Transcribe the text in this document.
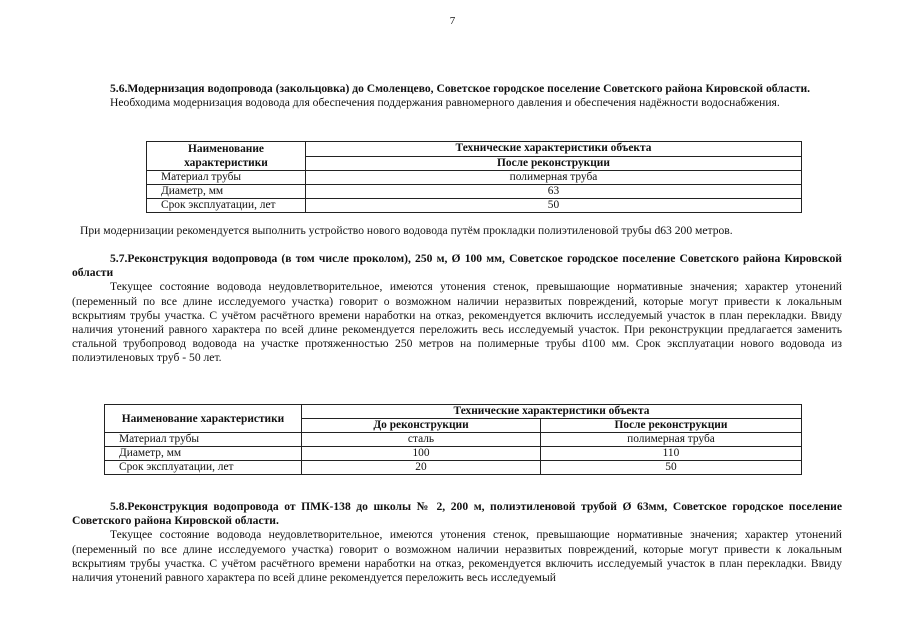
7

5.6.Модернизация водопровода (закольцовка) до Смоленцево, Советское городское поселение Советского района Кировской области.

Необходима модернизация водовода для обеспечения поддержания равномерного давления и обеспечения надёжности водоснабжения.

Наименование характеристики	Технические характеристики объекта
	После реконструкции
Материал трубы	полимерная труба
Диаметр, мм	63
Срок эксплуатации, лет	50

При модернизации рекомендуется выполнить устройство нового водовода путём прокладки полиэтиленовой трубы d63 200 метров.

5.7.Реконструкция водопровода (в том числе проколом), 250 м, Ø 100 мм, Советское городское поселение Советского района Кировской области

Текущее состояние водовода неудовлетворительное, имеются утонения стенок, превышающие нормативные значения; характер утонений (переменный по все длине исследуемого участка) говорит о возможном наличии неразвитых повреждений, которые могут привести к локальным вскрытиям трубы участка. С учётом расчётного времени наработки на отказ, рекомендуется включить исследуемый участок в план перекладки. Ввиду наличия утонений равного характера по всей длине рекомендуется переложить весь исследуемый участок. При реконструкции предлагается заменить стальной трубопровод водовода на участке протяженностью 250 метров на полимерные трубы d100 мм. Срок эксплуатации нового водовода из полиэтиленовых труб - 50 лет.

Наименование характеристики	Технические характеристики объекта	
	До реконструкции	После реконструкции
Материал трубы	сталь	полимерная труба
Диаметр, мм	100	110
Срок эксплуатации, лет	20	50

5.8.Реконструкция водопровода от ПМК-138 до школы № 2, 200 м, полиэтиленовой трубой Ø 63мм, Советское городское поселение Советского района Кировской области.

Текущее состояние водовода неудовлетворительное, имеются утонения стенок, превышающие нормативные значения; характер утонений (переменный по все длине исследуемого участка) говорит о возможном наличии неразвитых повреждений, которые могут привести к локальным вскрытиям трубы участка. С учётом расчётного времени наработки на отказ, рекомендуется включить исследуемый участок в план перекладки. Ввиду наличия утонений равного характера по всей длине рекомендуется переложить весь исследуемый
